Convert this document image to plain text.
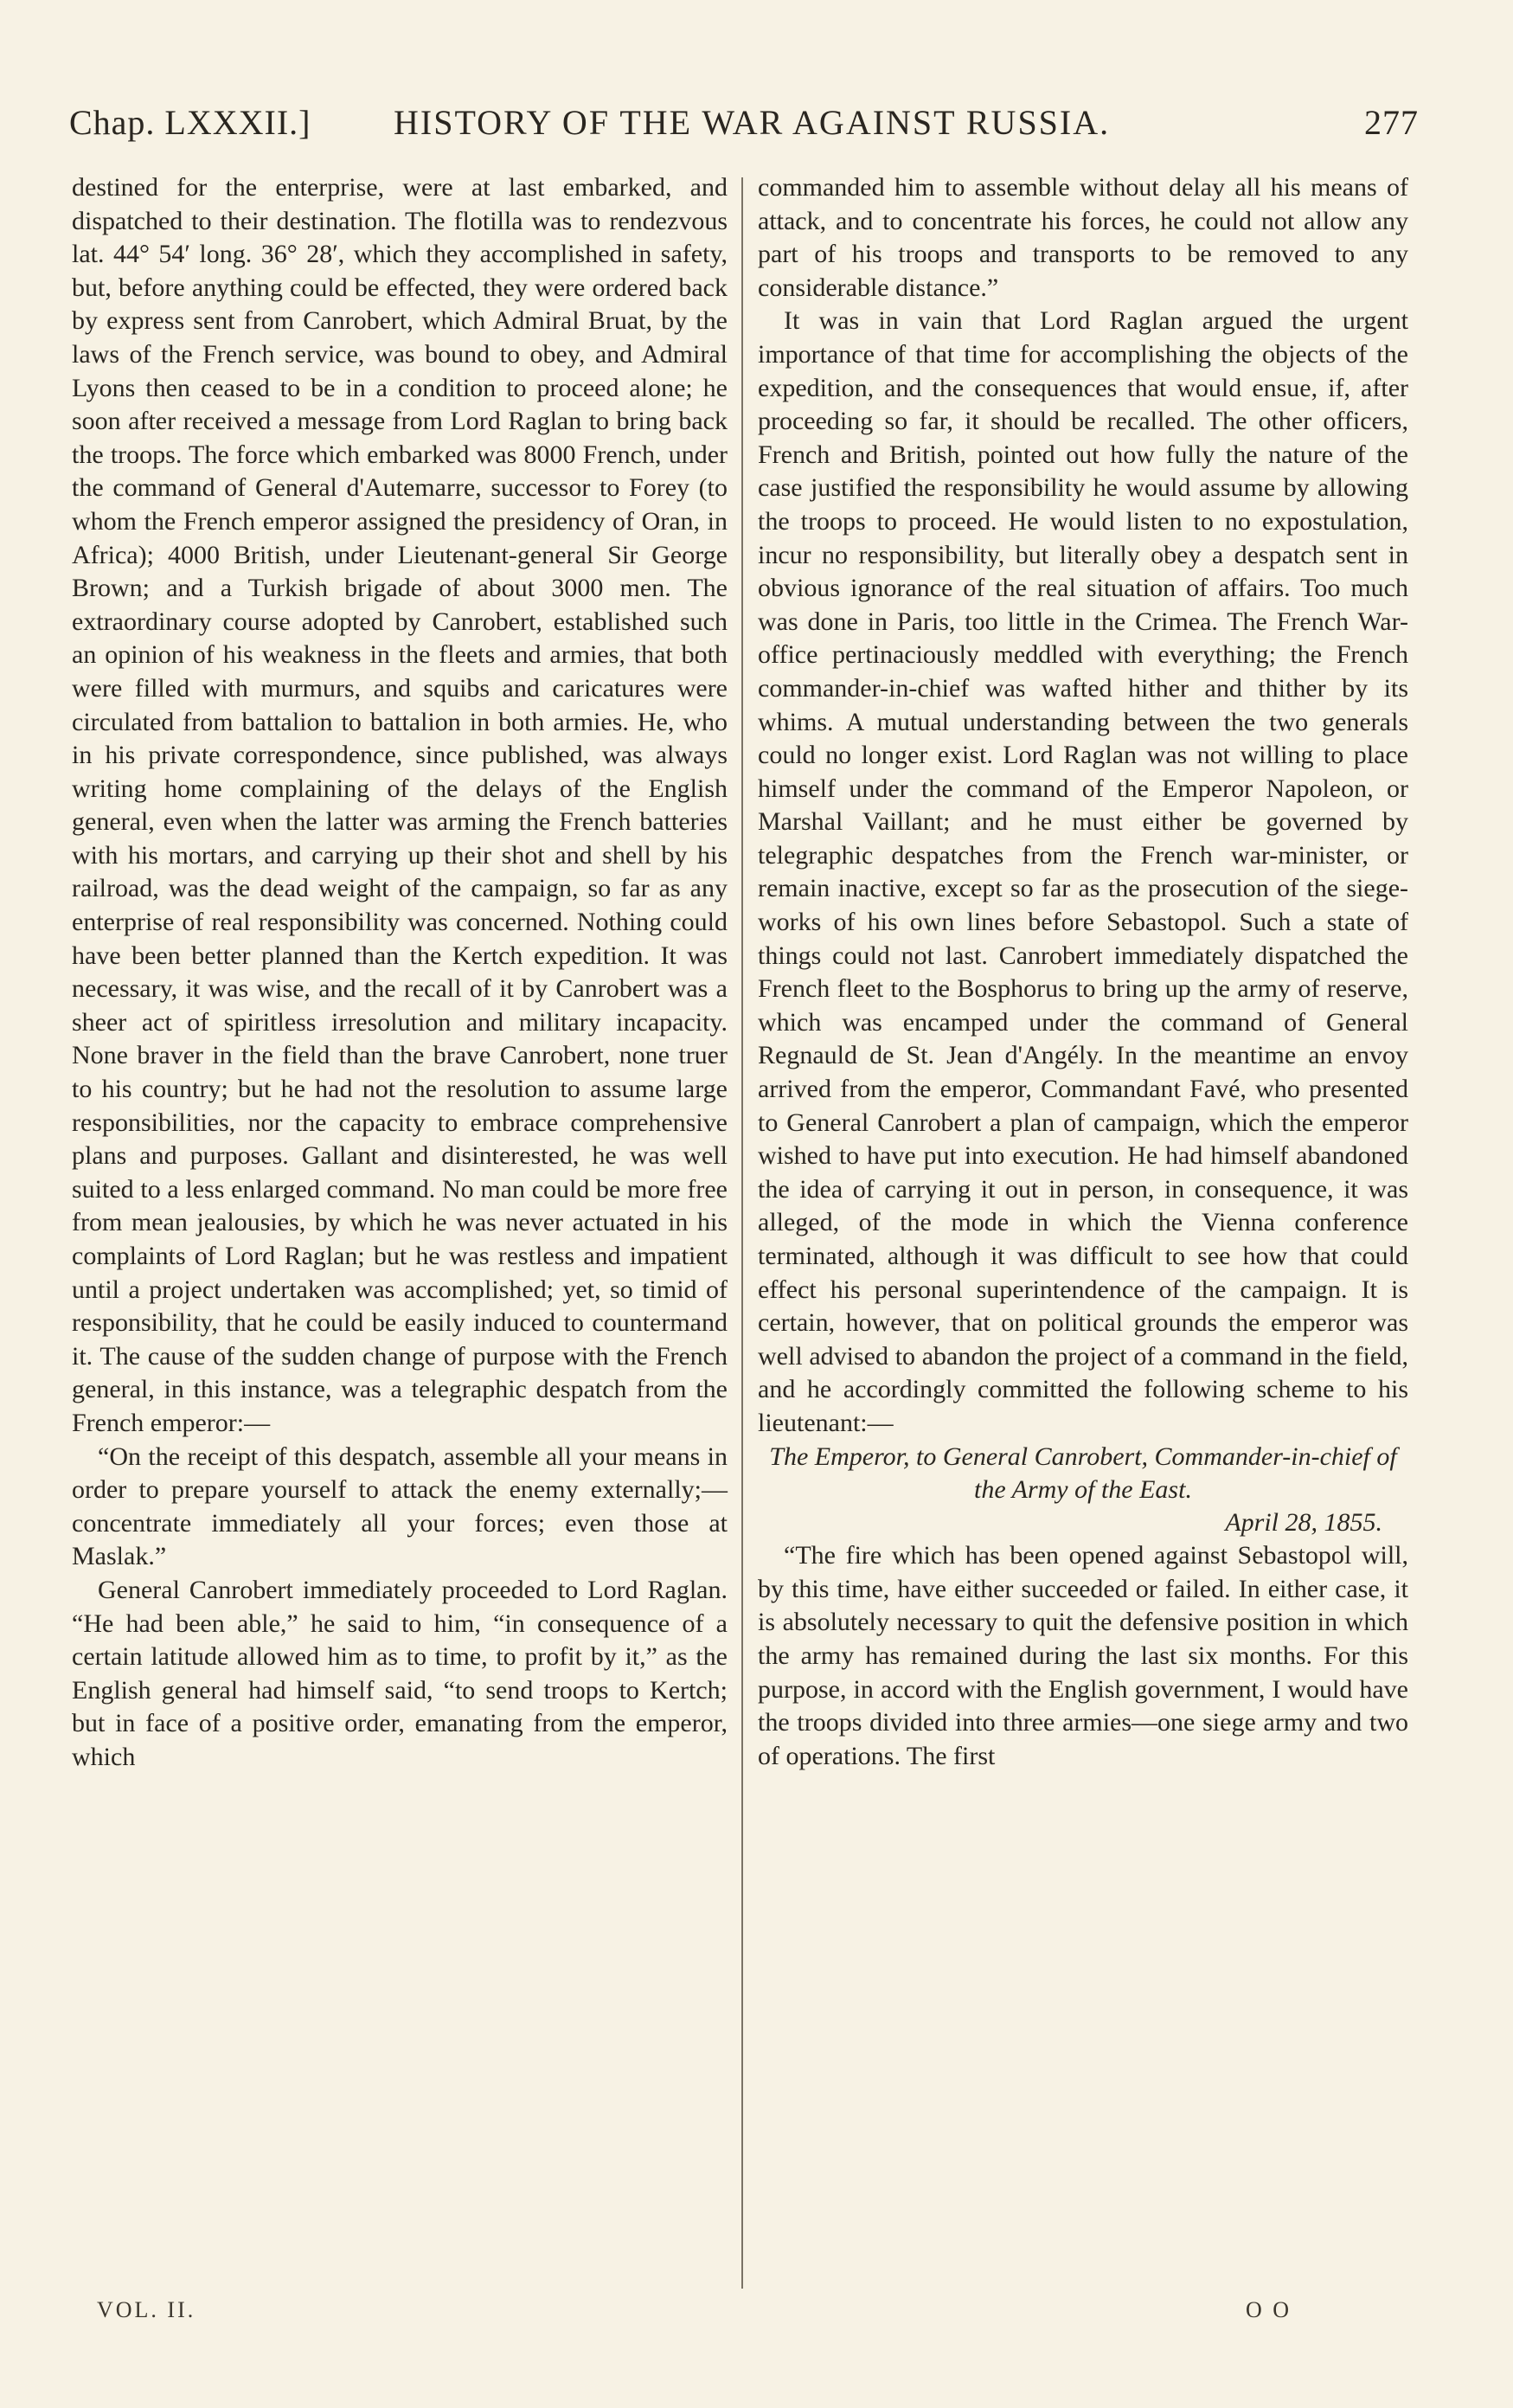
Chap. LXXXII.] HISTORY OF THE WAR AGAINST RUSSIA.	277

destined for the enterprise, were at last embarked, and dispatched to their destination. The flotilla was to rendezvous lat. 44° 54′ long. 36° 28′, which they accomplished in safety, but, before anything could be effected, they were ordered back by express sent from Canrobert, which Admiral Bruat, by the laws of the French service, was bound to obey, and Admiral Lyons then ceased to be in a condition to proceed alone; he soon after received a message from Lord Raglan to bring back the troops. The force which embarked was 8000 French, under the command of General d'Autemarre, successor to Forey (to whom the French emperor assigned the presidency of Oran, in Africa); 4000 British, under Lieutenant-general Sir George Brown; and a Turkish brigade of about 3000 men. The extraordinary course adopted by Canrobert, established such an opinion of his weakness in the fleets and armies, that both were filled with murmurs, and squibs and caricatures were circulated from battalion to battalion in both armies. He, who in his private correspondence, since published, was always writing home complaining of the delays of the English general, even when the latter was arming the French batteries with his mortars, and carrying up their shot and shell by his railroad, was the dead weight of the campaign, so far as any enterprise of real responsibility was concerned. Nothing could have been better planned than the Kertch expedition. It was necessary, it was wise, and the recall of it by Canrobert was a sheer act of spiritless irresolution and military incapacity. None braver in the field than the brave Canrobert, none truer to his country; but he had not the resolution to assume large responsibilities, nor the capacity to embrace comprehensive plans and purposes. Gallant and disinterested, he was well suited to a less enlarged command. No man could be more free from mean jealousies, by which he was never actuated in his complaints of Lord Raglan; but he was restless and impatient until a project undertaken was accomplished; yet, so timid of responsibility, that he could be easily induced to countermand it. The cause of the sudden change of purpose with the French general, in this instance, was a telegraphic despatch from the French emperor:—

“On the receipt of this despatch, assemble all your means in order to prepare yourself to attack the enemy externally;—concentrate immediately all your forces; even those at Maslak.”

General Canrobert immediately proceeded to Lord Raglan. “He had been able,” he said to him, “in consequence of a certain latitude allowed him as to time, to profit by it,” as the English general had himself said, “to send troops to Kertch; but in face of a positive order, emanating from the emperor, which

commanded him to assemble without delay all his means of attack, and to concentrate his forces, he could not allow any part of his troops and transports to be removed to any considerable distance.”

It was in vain that Lord Raglan argued the urgent importance of that time for accomplishing the objects of the expedition, and the consequences that would ensue, if, after proceeding so far, it should be recalled. The other officers, French and British, pointed out how fully the nature of the case justified the responsibility he would assume by allowing the troops to proceed. He would listen to no expostulation, incur no responsibility, but literally obey a despatch sent in obvious ignorance of the real situation of affairs. Too much was done in Paris, too little in the Crimea. The French War-office pertinaciously meddled with everything; the French commander-in-chief was wafted hither and thither by its whims. A mutual understanding between the two generals could no longer exist. Lord Raglan was not willing to place himself under the command of the Emperor Napoleon, or Marshal Vaillant; and he must either be governed by telegraphic despatches from the French war-minister, or remain inactive, except so far as the prosecution of the siege-works of his own lines before Sebastopol. Such a state of things could not last. Canrobert immediately dispatched the French fleet to the Bosphorus to bring up the army of reserve, which was encamped under the command of General Regnauld de St. Jean d'Angély. In the meantime an envoy arrived from the emperor, Commandant Favé, who presented to General Canrobert a plan of campaign, which the emperor wished to have put into execution. He had himself abandoned the idea of carrying it out in person, in consequence, it was alleged, of the mode in which the Vienna conference terminated, although it was difficult to see how that could effect his personal superintendence of the campaign. It is certain, however, that on political grounds the emperor was well advised to abandon the project of a command in the field, and he accordingly committed the following scheme to his lieutenant:—

The Emperor, to General Canrobert, Commander-in-chief of the Army of the East.

April 28, 1855.

“The fire which has been opened against Sebastopol will, by this time, have either succeeded or failed. In either case, it is absolutely necessary to quit the defensive position in which the army has remained during the last six months. For this purpose, in accord with the English government, I would have the troops divided into three armies—one siege army and two of operations. The first

VOL. II.	O O
